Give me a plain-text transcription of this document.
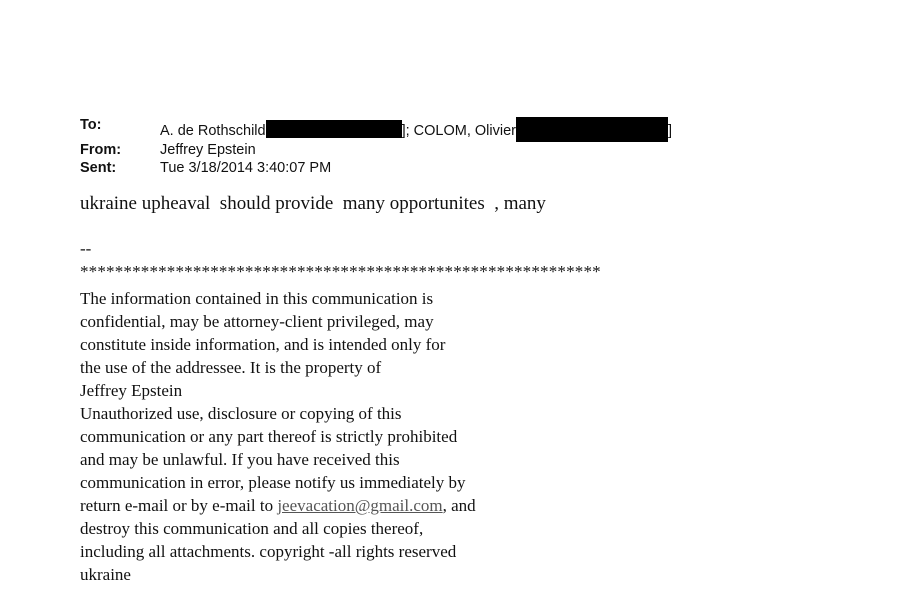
To:	A. de Rothschild	]; COLOM, Olivier	]
From:	Jeffrey Epstein
Sent:	Tue 3/18/2014 3:40:07 PM
ukraine upheaval  should provide  many opportunites  , many
--
************************************************************
The information contained in this communication is
confidential, may be attorney-client privileged, may
constitute inside information, and is intended only for
the use of the addressee. It is the property of
Jeffrey Epstein
Unauthorized use, disclosure or copying of this
communication or any part thereof is strictly prohibited
and may be unlawful. If you have received this
communication in error, please notify us immediately by
return e-mail or by e-mail to jeevacation@gmail.com, and
destroy this communication and all copies thereof,
including all attachments. copyright -all rights reserved
ukraine
